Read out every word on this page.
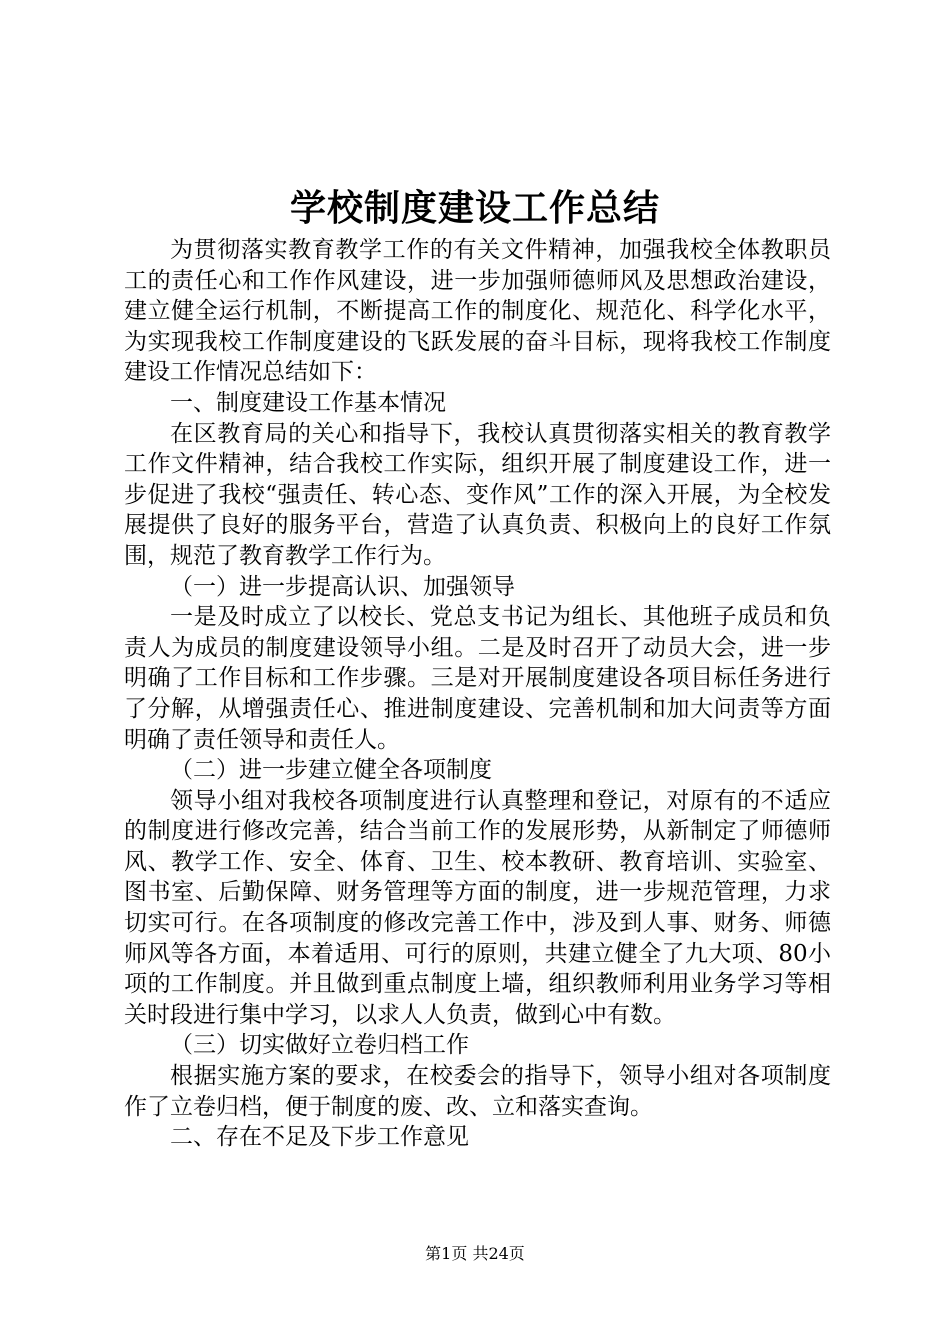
学校制度建设工作总结

为贯彻落实教育教学工作的有关文件精神，加强我校全体教职员工的责任心和工作作风建设，进一步加强师德师风及思想政治建设，建立健全运行机制，不断提高工作的制度化、规范化、科学化水平，为实现我校工作制度建设的飞跃发展的奋斗目标，现将我校工作制度建设工作情况总结如下：

一、制度建设工作基本情况

在区教育局的关心和指导下，我校认真贯彻落实相关的教育教学工作文件精神，结合我校工作实际，组织开展了制度建设工作，进一步促进了我校“强责任、转心态、变作风”工作的深入开展，为全校发展提供了良好的服务平台，营造了认真负责、积极向上的良好工作氛围，规范了教育教学工作行为。

（一）进一步提高认识、加强领导

一是及时成立了以校长、党总支书记为组长、其他班子成员和负责人为成员的制度建设领导小组。二是及时召开了动员大会，进一步明确了工作目标和工作步骤。三是对开展制度建设各项目标任务进行了分解，从增强责任心、推进制度建设、完善机制和加大问责等方面明确了责任领导和责任人。

（二）进一步建立健全各项制度

领导小组对我校各项制度进行认真整理和登记，对原有的不适应的制度进行修改完善，结合当前工作的发展形势，从新制定了师德师风、教学工作、安全、体育、卫生、校本教研、教育培训、实验室、图书室、后勤保障、财务管理等方面的制度，进一步规范管理，力求切实可行。在各项制度的修改完善工作中，涉及到人事、财务、师德师风等各方面，本着适用、可行的原则，共建立健全了九大项、80小项的工作制度。并且做到重点制度上墙，组织教师利用业务学习等相关时段进行集中学习，以求人人负责，做到心中有数。

（三）切实做好立卷归档工作

根据实施方案的要求，在校委会的指导下，领导小组对各项制度作了立卷归档，便于制度的废、改、立和落实查询。

二、存在不足及下步工作意见

第1页 共24页
